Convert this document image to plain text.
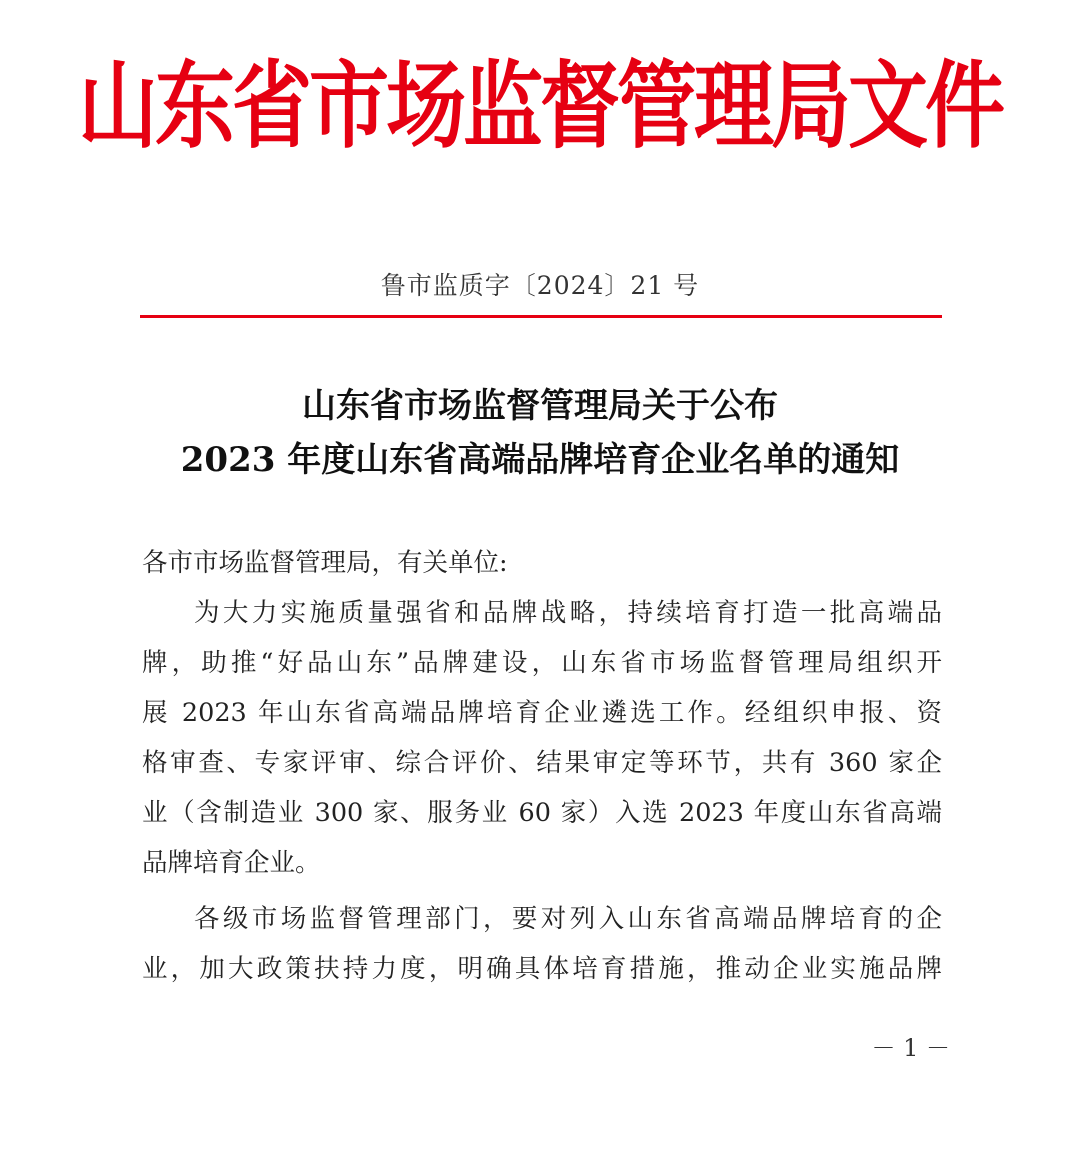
山东省市场监督管理局文件
鲁市监质字〔2024〕21 号
山东省市场监督管理局关于公布
2023 年度山东省高端品牌培育企业名单的通知
各市市场监督管理局，有关单位:
为大力实施质量强省和品牌战略，持续培育打造一批高端品
牌，助推“好品山东”品牌建设，山东省市场监督管理局组织开
展 2023 年山东省高端品牌培育企业遴选工作。经组织申报、资
格审查、专家评审、综合评价、结果审定等环节，共有 360 家企
业（含制造业 300 家、服务业 60 家）入选 2023 年度山东省高端
品牌培育企业。
各级市场监督管理部门，要对列入山东省高端品牌培育的企
业，加大政策扶持力度，明确具体培育措施，推动企业实施品牌
－ 1 －
